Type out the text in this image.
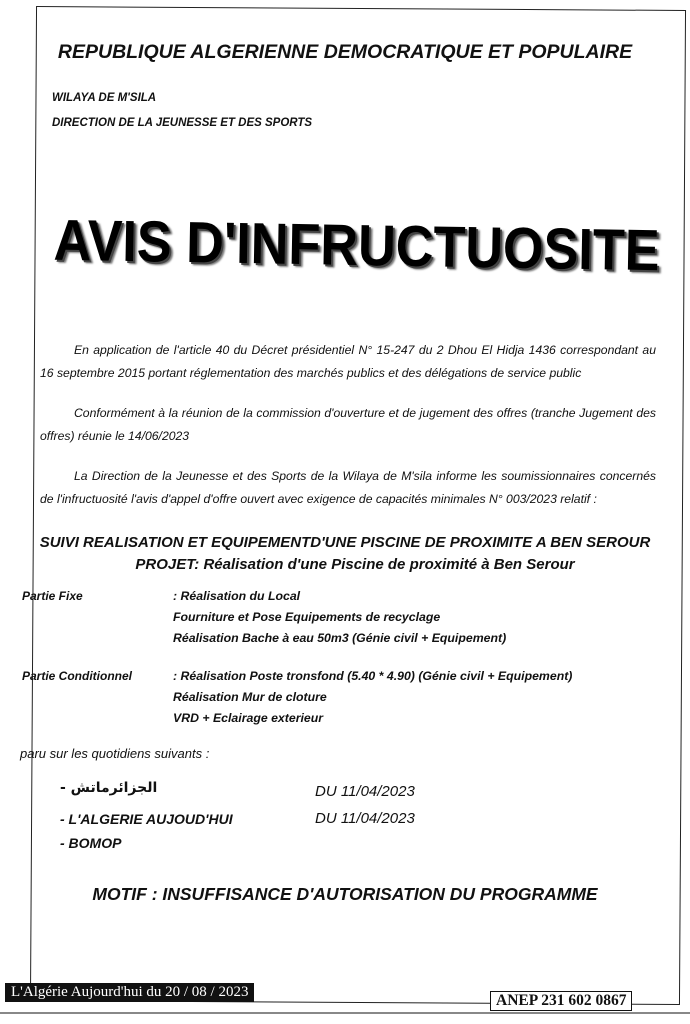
REPUBLIQUE ALGERIENNE DEMOCRATIQUE ET POPULAIRE
WILAYA DE M'SILA
DIRECTION DE LA JEUNESSE ET DES SPORTS
AVIS D'INFRUCTUOSITE
En application de l'article 40 du Décret présidentiel N° 15-247 du 2 Dhou El Hidja 1436 correspondant au 16 septembre 2015 portant réglementation des marchés publics et des délégations de service public
Conformément à la réunion de la commission d'ouverture et de jugement des offres (tranche Jugement des offres) réunie le 14/06/2023
La Direction de la Jeunesse et des Sports de la Wilaya de M'sila informe les soumissionnaires concernés de l'infructuosité l'avis d'appel d'offre ouvert avec exigence de capacités minimales N° 003/2023 relatif :
SUIVI REALISATION ET EQUIPEMENTD'UNE PISCINE DE PROXIMITE A BEN SEROUR
PROJET: Réalisation d'une Piscine de proximité à Ben Serour
Partie Fixe	: Réalisation du Local
Fourniture et Pose Equipements de recyclage
Réalisation Bache à eau 50m3 (Génie civil + Equipement)
Partie Conditionnel	: Réalisation Poste tronsfond (5.40 * 4.90) (Génie civil + Equipement)
Réalisation Mur de cloture
VRD + Eclairage exterieur
paru sur les quotidiens suivants :
الجزائرماتش -	DU 11/04/2023
- L'ALGERIE AUJOUD'HUI	DU 11/04/2023
- BOMOP
MOTIF : INSUFFISANCE D'AUTORISATION DU PROGRAMME
L'Algérie Aujourd'hui du 20 / 08 / 2023	ANEP 231 602 0867
